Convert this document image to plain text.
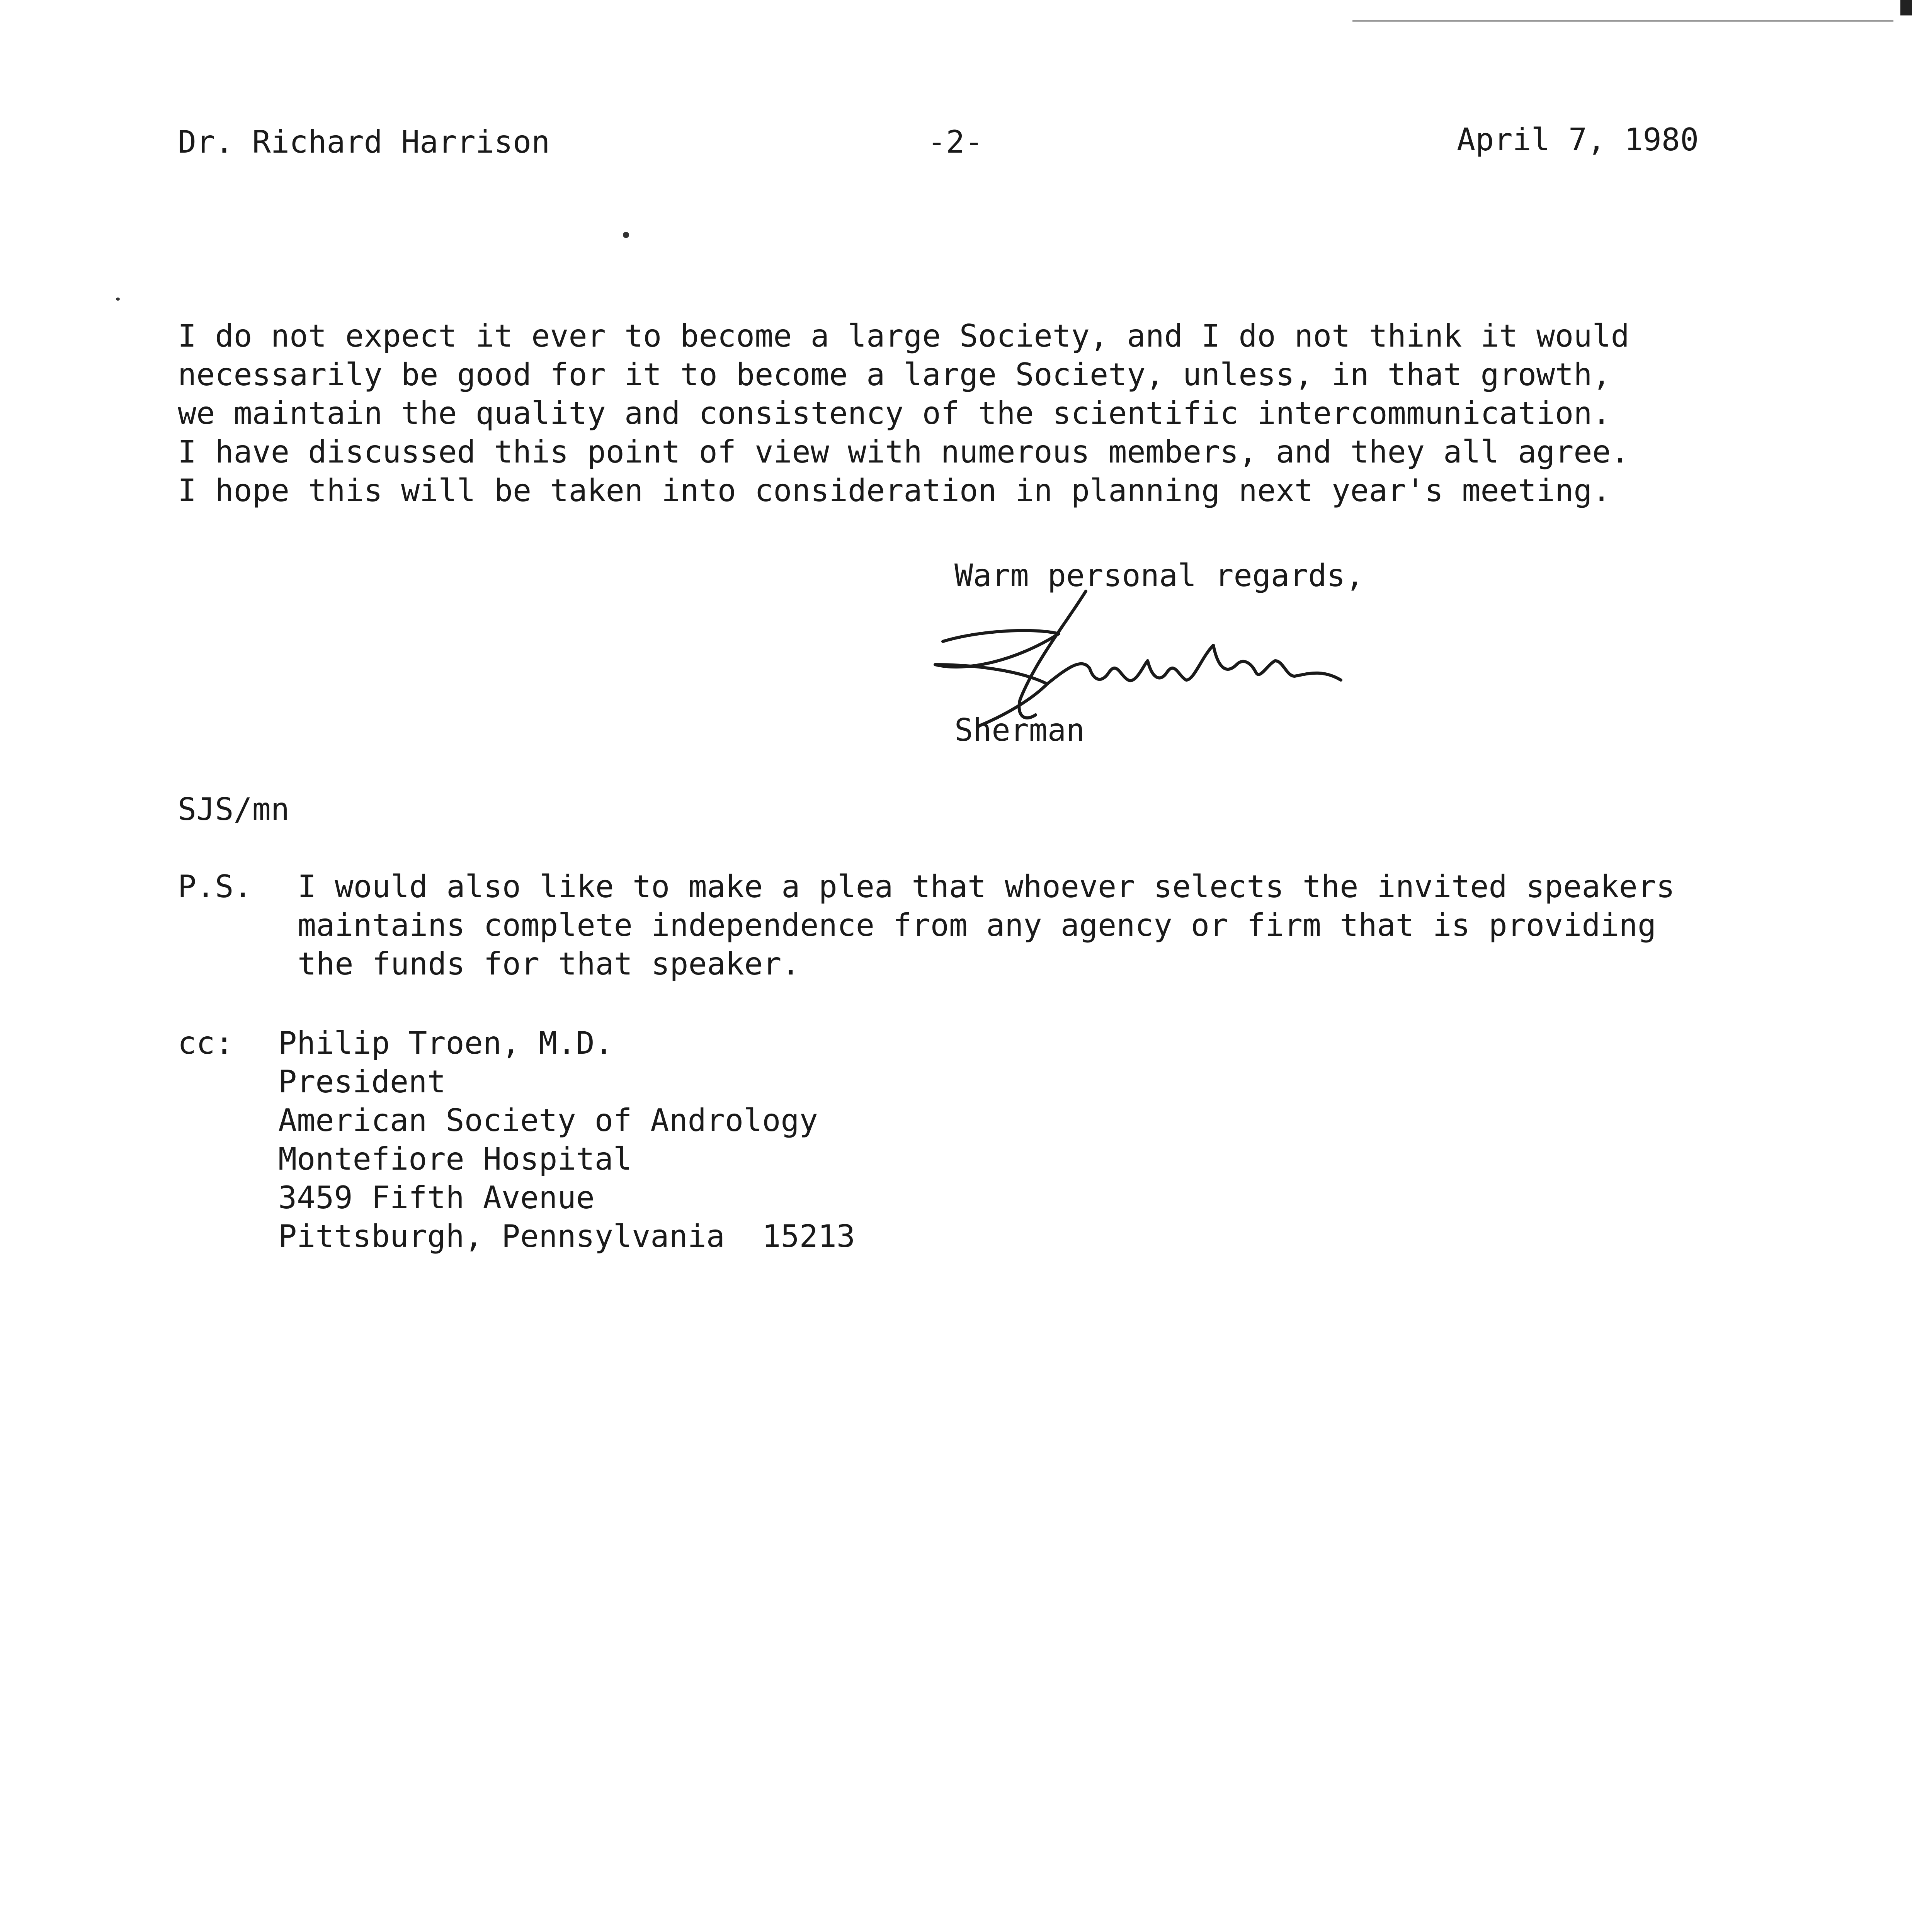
Dr. Richard Harrison	-2-	April 7, 1980
I do not expect it ever to become a large Society, and I do not think it would
necessarily be good for it to become a large Society, unless, in that growth,
we maintain the quality and consistency of the scientific intercommunication.
I have discussed this point of view with numerous members, and they all agree.
I hope this will be taken into consideration in planning next year's meeting.
Warm personal regards,
Sherman
SJS/mn
P.S. I would also like to make a plea that whoever selects the invited speakers
maintains complete independence from any agency or firm that is providing
the funds for that speaker.
cc: Philip Troen, M.D.
President
American Society of Andrology
Montefiore Hospital
3459 Fifth Avenue
Pittsburgh, Pennsylvania  15213
